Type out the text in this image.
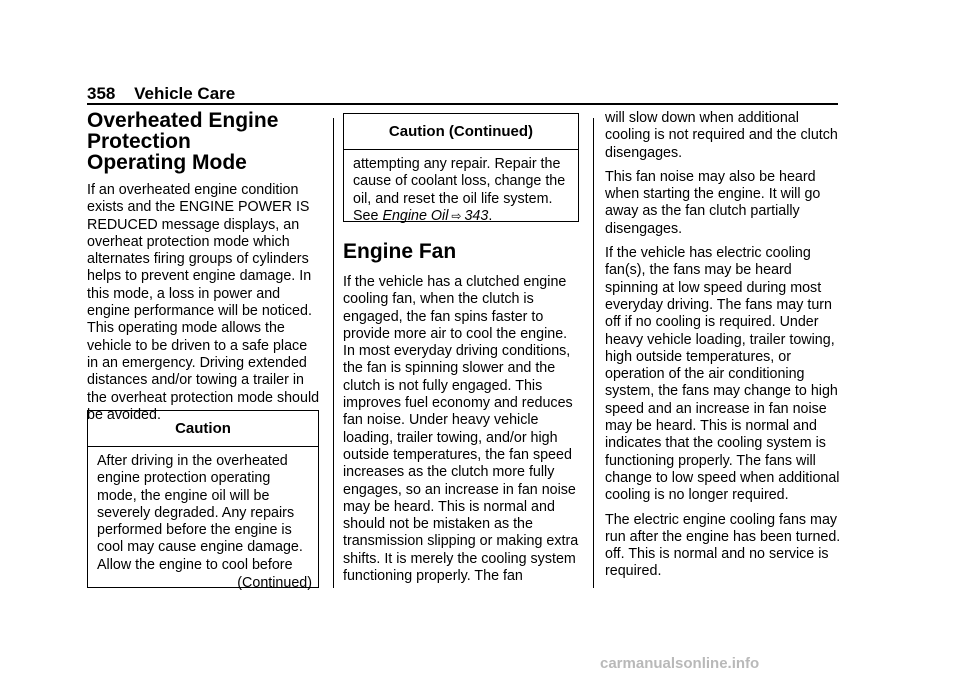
358 Vehicle Care
Overheated Engine
Protection
Operating Mode

If an overheated engine condition exists and the ENGINE POWER IS REDUCED message displays, an overheat protection mode which alternates firing groups of cylinders helps to prevent engine damage. In this mode, a loss in power and engine performance will be noticed. This operating mode allows the vehicle to be driven to a safe place in an emergency. Driving extended distances and/or towing a trailer in the overheat protection mode should be avoided.

Caution
After driving in the overheated engine protection operating mode, the engine oil will be severely degraded. Any repairs performed before the engine is cool may cause engine damage. Allow the engine to cool before
(Continued)
Caution (Continued)
attempting any repair. Repair the cause of coolant loss, change the oil, and reset the oil life system.
See Engine Oil ⇨ 343.
Engine Fan

If the vehicle has a clutched engine cooling fan, when the clutch is engaged, the fan spins faster to provide more air to cool the engine. In most everyday driving conditions, the fan is spinning slower and the clutch is not fully engaged. This improves fuel economy and reduces fan noise. Under heavy vehicle loading, trailer towing, and/or high outside temperatures, the fan speed increases as the clutch more fully engages, so an increase in fan noise may be heard. This is normal and should not be mistaken as the transmission slipping or making extra shifts. It is merely the cooling system functioning properly. The fan

will slow down when additional cooling is not required and the clutch disengages.

This fan noise may also be heard when starting the engine. It will go away as the fan clutch partially disengages.

If the vehicle has electric cooling fan(s), the fans may be heard spinning at low speed during most everyday driving. The fans may turn off if no cooling is required. Under heavy vehicle loading, trailer towing, high outside temperatures, or operation of the air conditioning system, the fans may change to high speed and an increase in fan noise may be heard. This is normal and indicates that the cooling system is functioning properly. The fans will change to low speed when additional cooling is no longer required.

The electric engine cooling fans may run after the engine has been turned. off. This is normal and no service is required.

carmanualsonline.info
